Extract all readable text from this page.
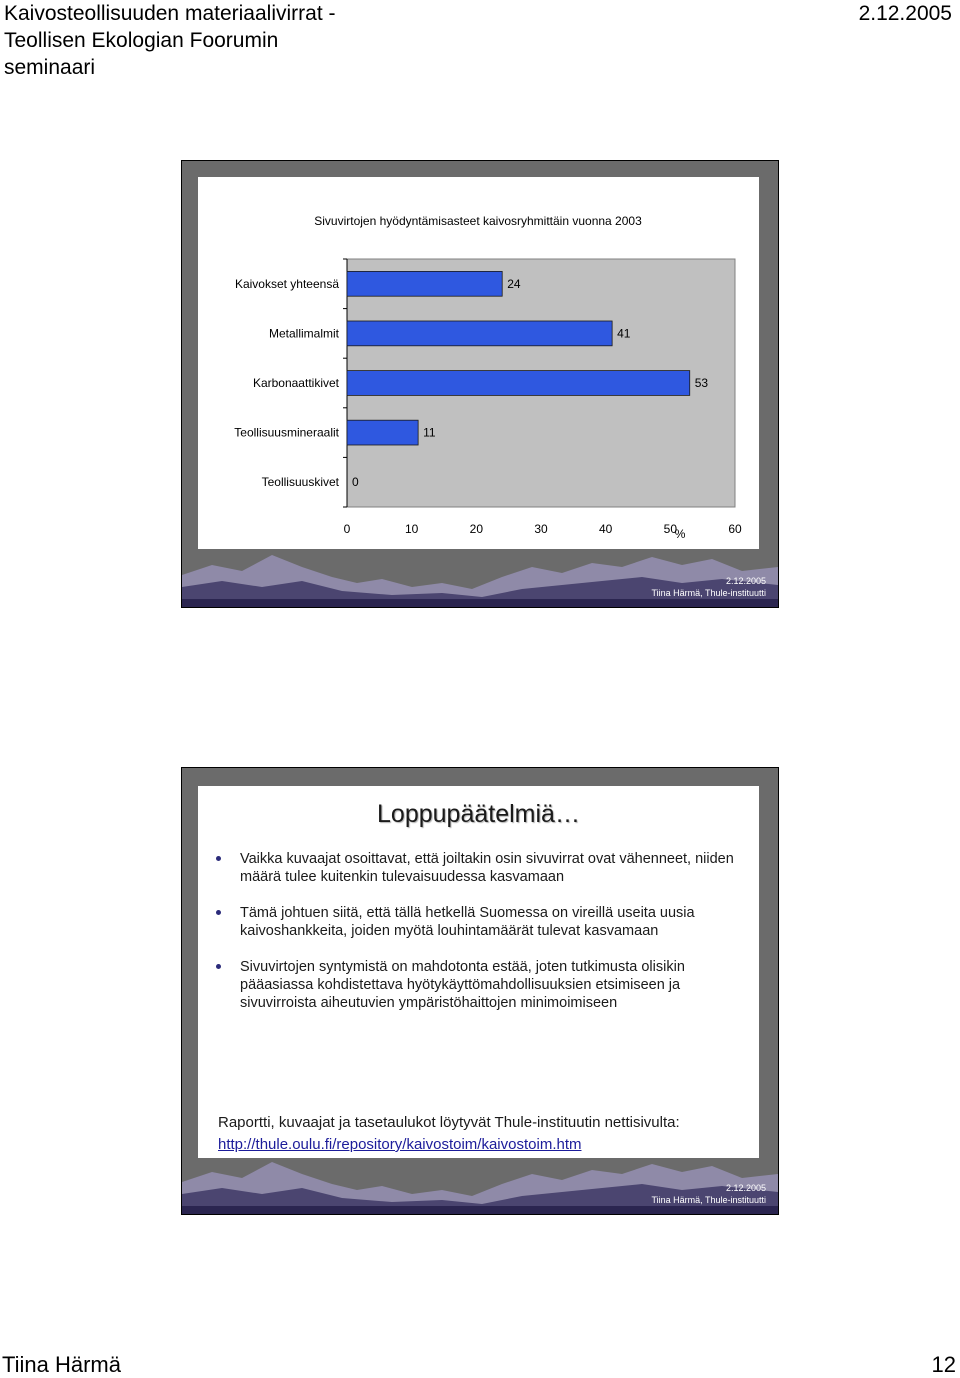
Kaivosteollisuuden materiaalivirrat -
Teollisen Ekologian Foorumin
seminaari
2.12.2005
Sivuvirtojen hyödyntämisasteet kaivosryhmittäin vuonna 2003
Kaivokset yhteensä	24
Metallimalmit	41
Karbonaattikivet	53
Teollisuusmineraalit	11
Teollisuuskivet 0
0	10	20	30	40	50	60
%
2.12.2005
Tiina Härmä, Thule-instituutti
Loppupäätelmiä…
Vaikka kuvaajat osoittavat, että joiltakin osin sivuvirrat ovat vähenneet, niiden määrä tulee kuitenkin tulevaisuudessa kasvamaan
Tämä johtuen siitä, että tällä hetkellä Suomessa on vireillä useita uusia kaivoshankkeita, joiden myötä louhintamäärät tulevat kasvamaan
Sivuvirtojen syntymistä on mahdotonta estää, joten tutkimusta olisikin pääasiassa kohdistettava hyötykäyttömahdollisuuksien etsimiseen ja sivuvirroista aiheutuvien ympäristöhaittojen minimoimiseen
Raportti, kuvaajat ja tasetaulukot löytyvät Thule-instituutin nettisivulta:
http://thule.oulu.fi/repository/kaivostoim/kaivostoim.htm
2.12.2005
Tiina Härmä, Thule-instituutti
Tiina Härmä	12
